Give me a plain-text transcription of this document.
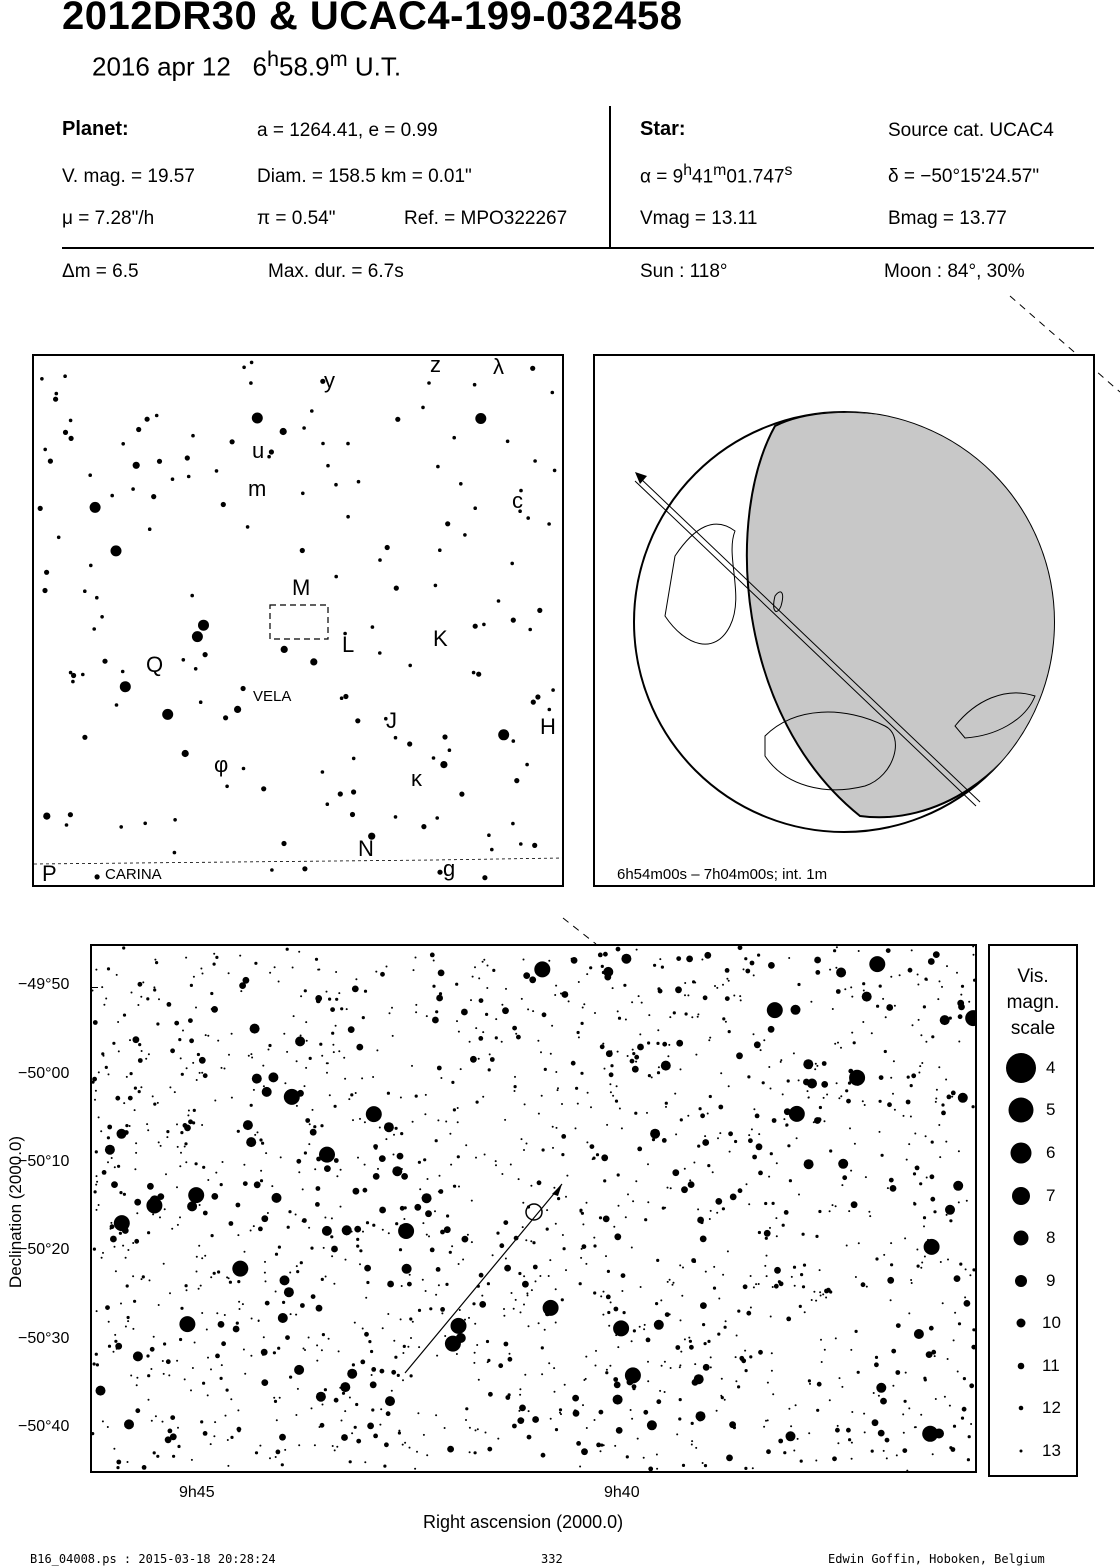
2012DR30 & UCAC4-199-032458
2016 apr 12 6$^h$58.9$^m$ U.T.
Planet:	a = 1264.41, e = 0.99
V. mag. = 19.57	Diam. = 158.5 km = 0.01"
μ = 7.28"/h	π = 0.54"	Ref. = MPO322267
Star:	Source cat. UCAC4
$\alpha = 9^h41^m01.747^s$	δ = −50°15'24.57"
Vmag = 13.11	Bmag = 13.77
Δm = 6.5	Max. dur. = 6.7s	Sun : 118°	Moon : 84°, 30%
y
z λ
u
m	c
M
L	K
Q
VELA
J	H
φ
κ
N
g
P	CARINA	6h54m00s – 7h04m00s; int. 1m
−49°50
−50°00
−50°10
−50°20
−50°30
−50°40
9h45	9h40
Right ascension (2000.0)
Declination (2000.0)
Vis.
magn.
scale
4
5
6
7
8
9
10
11
12
13
B16_04008.ps : 2015-03-18 20:28:24	332	Edwin Goffin, Hoboken, Belgium
